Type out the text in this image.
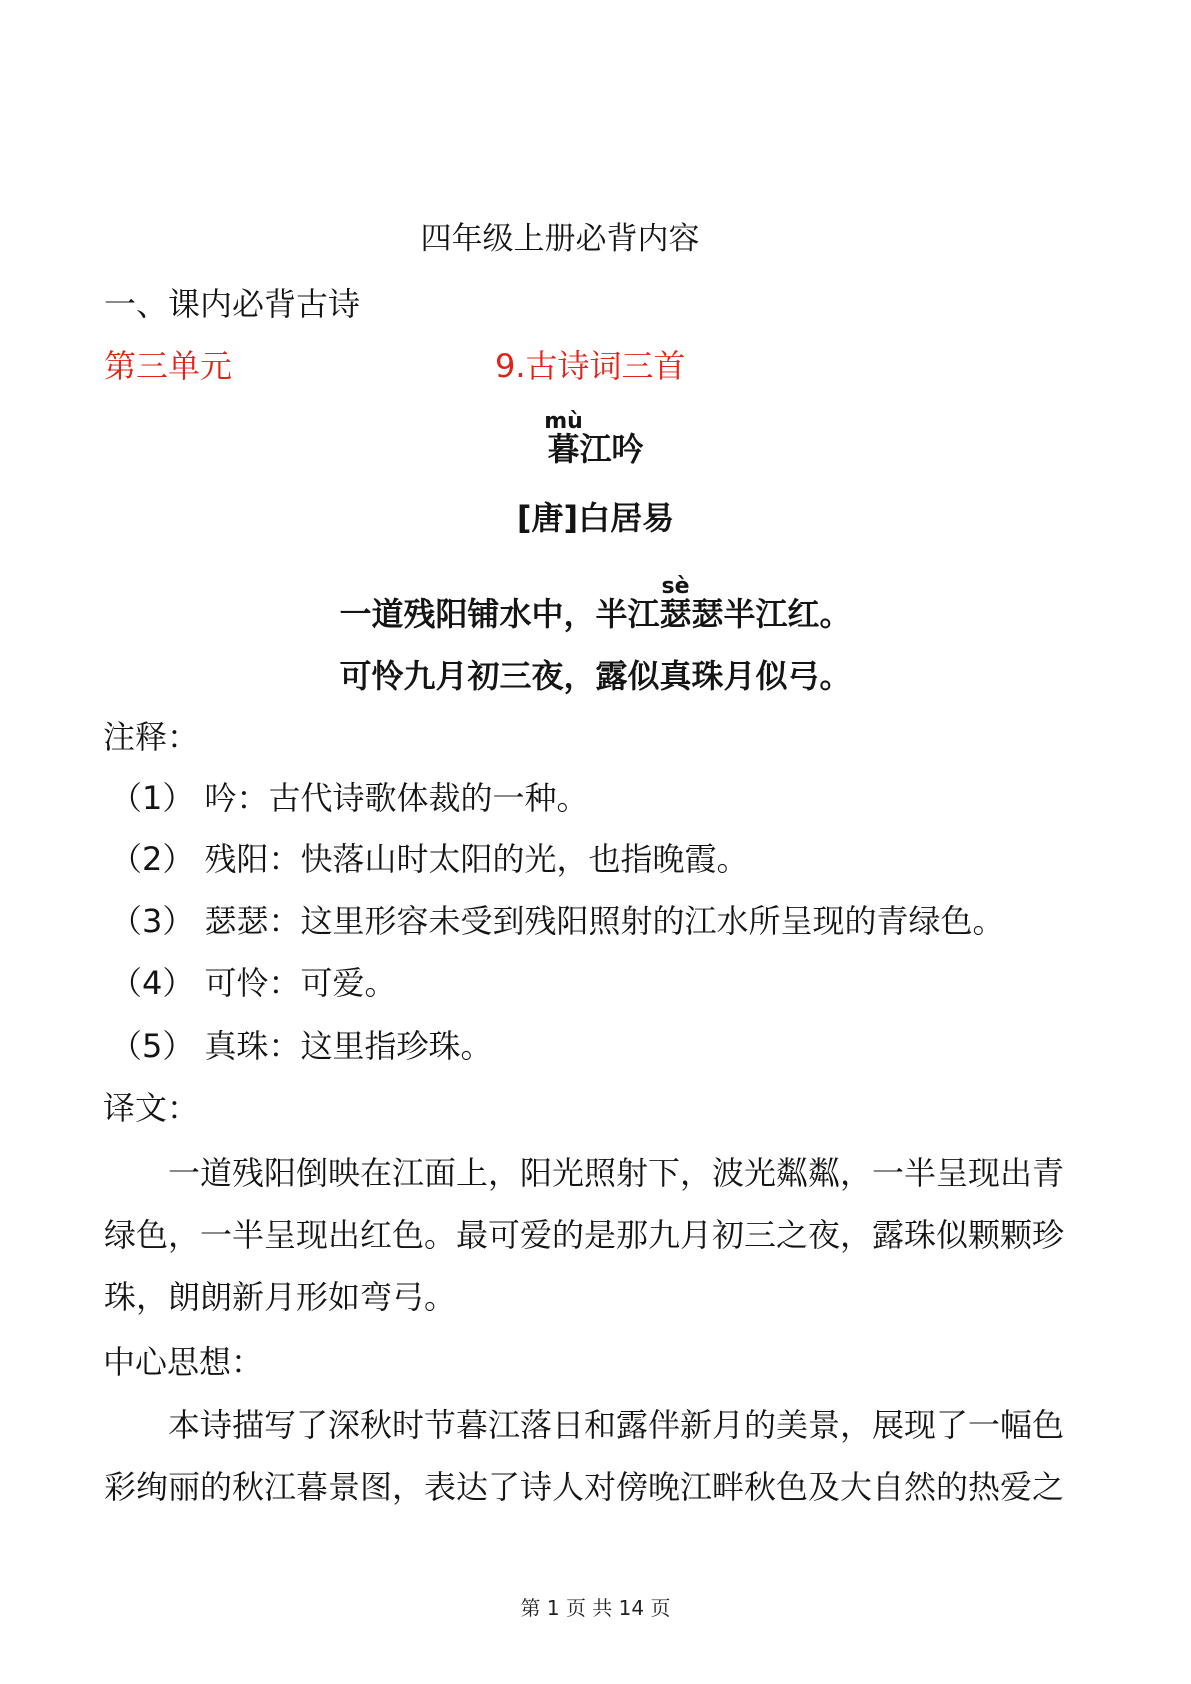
四年级上册必背内容
一、课内必背古诗
第三单元	9.古诗词三首
mù
暮江吟
[唐]白居易
一道残阳铺水中，半江
sè
瑟瑟半江红。
可怜九月初三夜，露似真珠月似弓。
注释：
（1） 吟：古代诗歌体裁的一种。
（2） 残阳：快落山时太阳的光，也指晚霞。
（3） 瑟瑟：这里形容未受到残阳照射的江水所呈现的青绿色。
（4） 可怜：可爱。
（5） 真珠：这里指珍珠。
译文：
一道残阳倒映在江面上，阳光照射下，波光粼粼，一半呈现出青绿色，一半呈现出红色。最可爱的是那九月初三之夜，露珠似颗颗珍珠，朗朗新月形如弯弓。
中心思想：
本诗描写了深秋时节暮江落日和露伴新月的美景，展现了一幅色彩绚丽的秋江暮景图，表达了诗人对傍晚江畔秋色及大自然的热爱之
第 1 页 共 14 页
